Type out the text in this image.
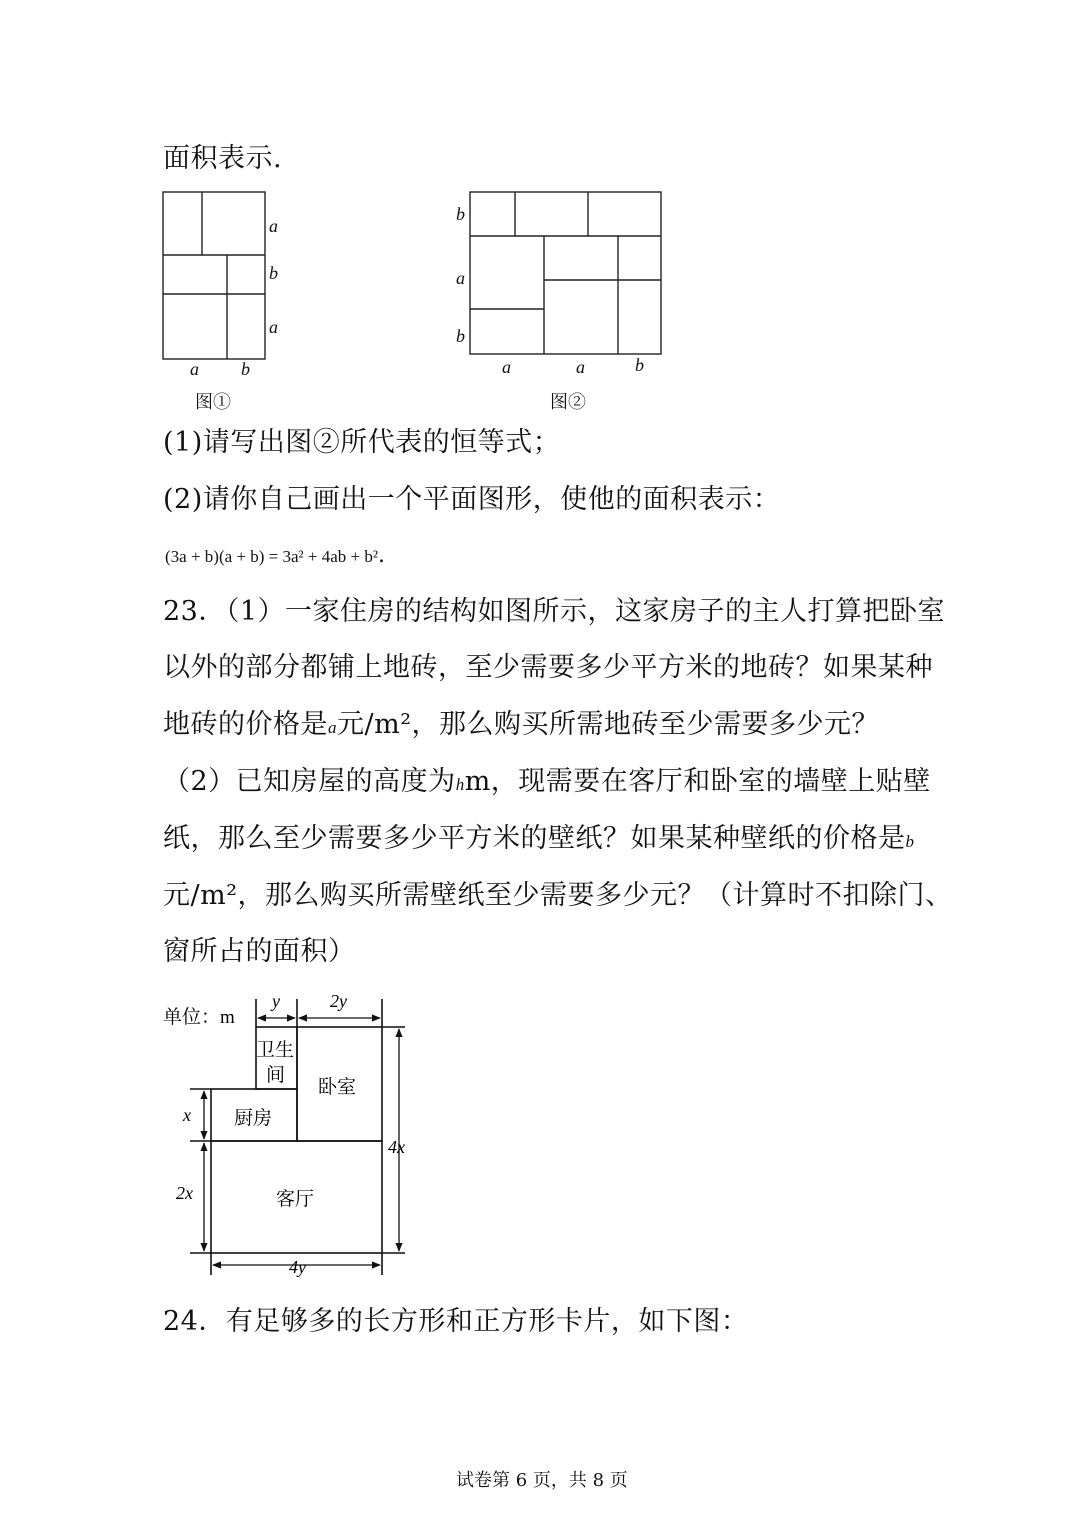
面积表示.
a
b
a
a b
图①
b
a
b
a	a	b
图②
(1)请写出图②所代表的恒等式；
(2)请你自己画出一个平面图形，使他的面积表示：
(3a + b)(a + b) = 3a² + 4ab + b².
23．（1）一家住房的结构如图所示，这家房子的主人打算把卧室
以外的部分都铺上地砖，至少需要多少平方米的地砖？如果某种
地砖的价格是a元/m²，那么购买所需地砖至少需要多少元？
（2）已知房屋的高度为hm，现需要在客厅和卧室的墙壁上贴壁
纸，那么至少需要多少平方米的壁纸？如果某种壁纸的价格是b
元/m²，那么购买所需壁纸至少需要多少元？（计算时不扣除门、
窗所占的面积）
单位：m
y	2y
x
2x
4x
4y
卫生
间
卧室
厨房
客厅
24．有足够多的长方形和正方形卡片，如下图：
试卷第 6 页，共 8 页
